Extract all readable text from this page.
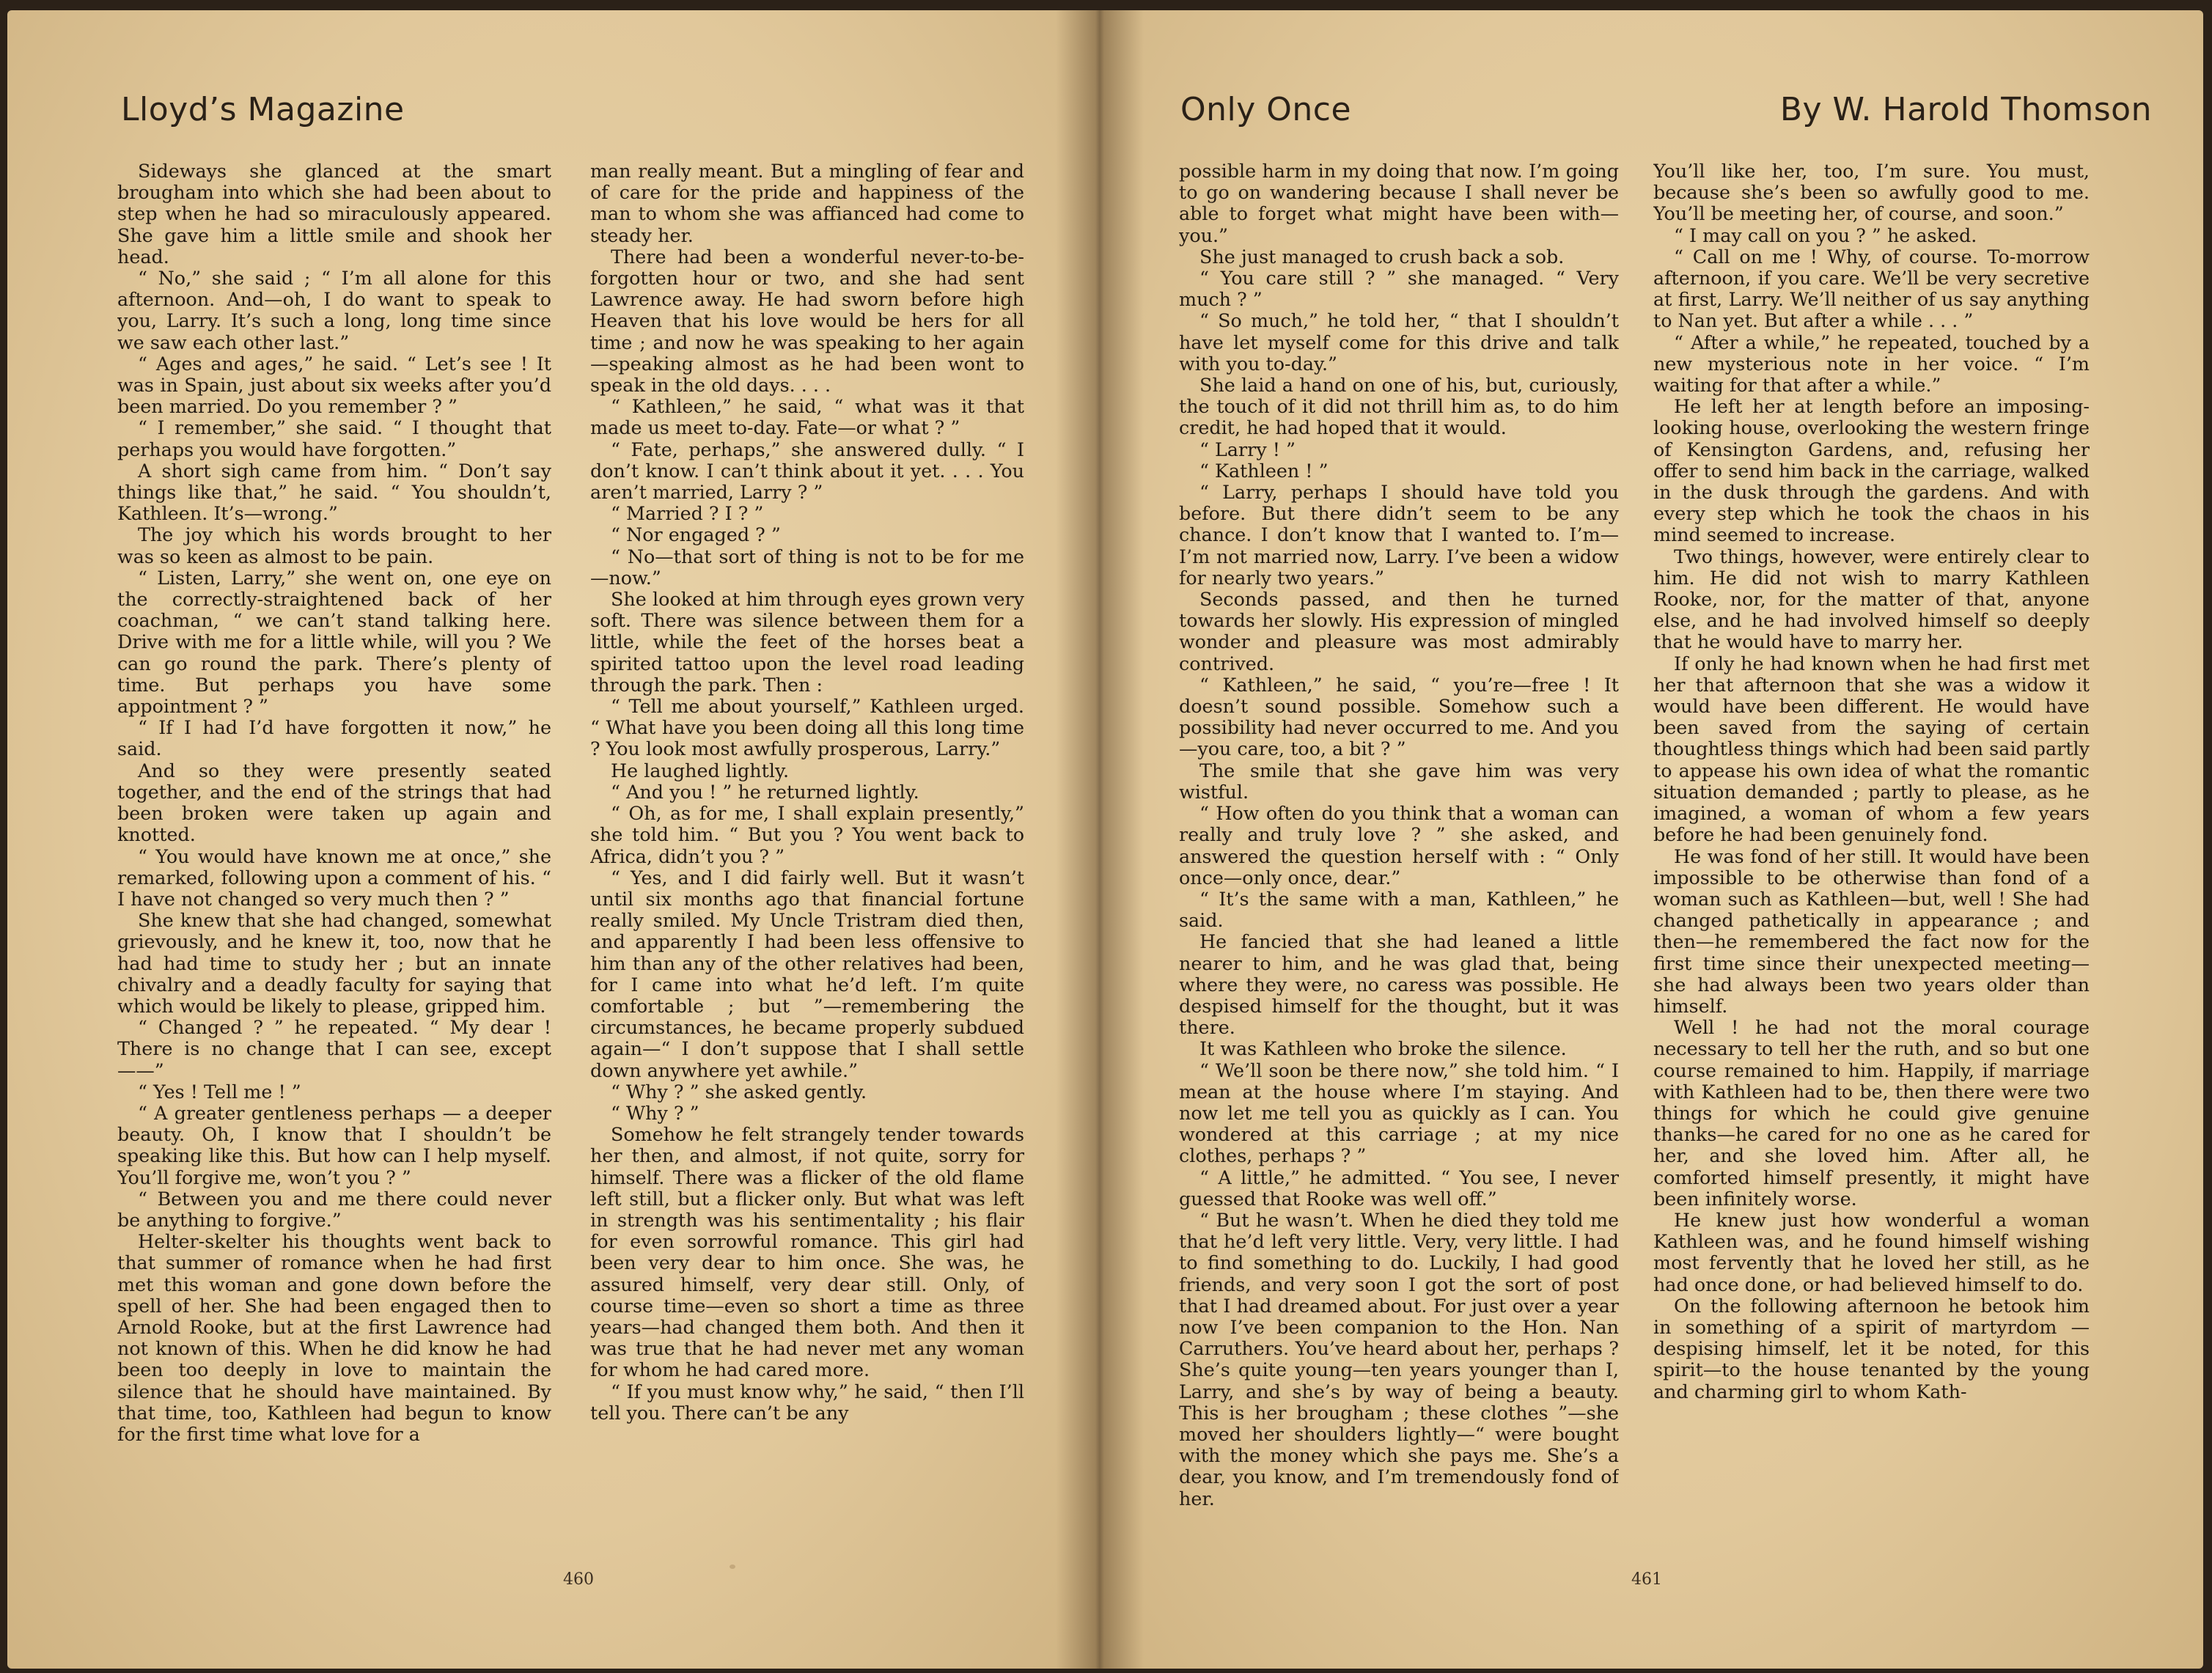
Lloyd’s Magazine

Sideways she glanced at the smart brougham into which she had been about to step when he had so miraculously appeared. She gave him a little smile and shook her head.

“ No,” she said ; “ I’m all alone for this afternoon. And—oh, I do want to speak to you, Larry. It’s such a long, long time since we saw each other last.”

“ Ages and ages,” he said. “ Let’s see ! It was in Spain, just about six weeks after you’d been married. Do you remember ? ”

“ I remember,” she said. “ I thought that perhaps you would have forgotten.”

A short sigh came from him. “ Don’t say things like that,” he said. “ You shouldn’t, Kathleen. It’s—wrong.”

The joy which his words brought to her was so keen as almost to be pain.

“ Listen, Larry,” she went on, one eye on the correctly-straightened back of her coachman, “ we can’t stand talking here. Drive with me for a little while, will you ? We can go round the park. There’s plenty of time. But perhaps you have some appointment ? ”

“ If I had I’d have forgotten it now,” he said.

And so they were presently seated together, and the end of the strings that had been broken were taken up again and knotted.

“ You would have known me at once,” she remarked, following upon a comment of his. “ I have not changed so very much then ? ”

She knew that she had changed, somewhat grievously, and he knew it, too, now that he had had time to study her ; but an innate chivalry and a deadly faculty for saying that which would be likely to please, gripped him.

“ Changed ? ” he repeated. “ My dear ! There is no change that I can see, except——”

“ Yes ! Tell me ! ”

“ A greater gentleness perhaps — a deeper beauty. Oh, I know that I shouldn’t be speaking like this. But how can I help myself. You’ll forgive me, won’t you ? ”

“ Between you and me there could never be anything to forgive.”

Helter-skelter his thoughts went back to that summer of romance when he had first met this woman and gone down before the spell of her. She had been engaged then to Arnold Rooke, but at the first Lawrence had not known of this. When he did know he had been too deeply in love to maintain the silence that he should have maintained. By that time, too, Kathleen had begun to know for the first time what love for a

man really meant. But a mingling of fear and of care for the pride and happiness of the man to whom she was affianced had come to steady her.

There had been a wonderful never-to-be-forgotten hour or two, and she had sent Lawrence away. He had sworn before high Heaven that his love would be hers for all time ; and now he was speaking to her again—speaking almost as he had been wont to speak in the old days. . . .

“ Kathleen,” he said, “ what was it that made us meet to-day. Fate—or what ? ”

“ Fate, perhaps,” she answered dully. “ I don’t know. I can’t think about it yet. . . . You aren’t married, Larry ? ”

“ Married ? I ? ”

“ Nor engaged ? ”

“ No—that sort of thing is not to be for me—now.”

She looked at him through eyes grown very soft. There was silence between them for a little, while the feet of the horses beat a spirited tattoo upon the level road leading through the park. Then :

“ Tell me about yourself,” Kathleen urged. “ What have you been doing all this long time ? You look most awfully prosperous, Larry.”

He laughed lightly.

“ And you ! ” he returned lightly.

“ Oh, as for me, I shall explain presently,” she told him. “ But you ? You went back to Africa, didn’t you ? ”

“ Yes, and I did fairly well. But it wasn’t until six months ago that financial fortune really smiled. My Uncle Tristram died then, and apparently I had been less offensive to him than any of the other relatives had been, for I came into what he’d left. I’m quite comfortable ; but ”—remembering the circumstances, he became properly subdued again—“ I don’t suppose that I shall settle down anywhere yet awhile.”

“ Why ? ” she asked gently.

“ Why ? ”

Somehow he felt strangely tender towards her then, and almost, if not quite, sorry for himself. There was a flicker of the old flame left still, but a flicker only. But what was left in strength was his sentimentality ; his flair for even sorrowful romance. This girl had been very dear to him once. She was, he assured himself, very dear still. Only, of course time—even so short a time as three years—had changed them both. And then it was true that he had never met any woman for whom he had cared more.

“ If you must know why,” he said, “ then I’ll tell you. There can’t be any

460
Only Once	By W. Harold Thomson

possible harm in my doing that now. I’m going to go on wandering because I shall never be able to forget what might have been with—you.”

She just managed to crush back a sob.

“ You care still ? ” she managed. “ Very much ? ”

“ So much,” he told her, “ that I shouldn’t have let myself come for this drive and talk with you to-day.”

She laid a hand on one of his, but, curiously, the touch of it did not thrill him as, to do him credit, he had hoped that it would.

“ Larry ! ”

“ Kathleen ! ”

“ Larry, perhaps I should have told you before. But there didn’t seem to be any chance. I don’t know that I wanted to. I’m—I’m not married now, Larry. I’ve been a widow for nearly two years.”

Seconds passed, and then he turned towards her slowly. His expression of mingled wonder and pleasure was most admirably contrived.

“ Kathleen,” he said, “ you’re—free ! It doesn’t sound possible. Somehow such a possibility had never occurred to me. And you—you care, too, a bit ? ”

The smile that she gave him was very wistful.

“ How often do you think that a woman can really and truly love ? ” she asked, and answered the question herself with : “ Only once—only once, dear.”

“ It’s the same with a man, Kathleen,” he said.

He fancied that she had leaned a little nearer to him, and he was glad that, being where they were, no caress was possible. He despised himself for the thought, but it was there.

It was Kathleen who broke the silence.

“ We’ll soon be there now,” she told him. “ I mean at the house where I’m staying. And now let me tell you as quickly as I can. You wondered at this carriage ; at my nice clothes, perhaps ? ”

“ A little,” he admitted. “ You see, I never guessed that Rooke was well off.”

“ But he wasn’t. When he died they told me that he’d left very little. Very, very little. I had to find something to do. Luckily, I had good friends, and very soon I got the sort of post that I had dreamed about. For just over a year now I’ve been companion to the Hon. Nan Carruthers. You’ve heard about her, perhaps ? She’s quite young—ten years younger than I, Larry, and she’s by way of being a beauty. This is her brougham ; these clothes ”—she moved her shoulders lightly—“ were bought with the money which she pays me. She’s a dear, you know, and I’m tremendously fond of her.

You’ll like her, too, I’m sure. You must, because she’s been so awfully good to me. You’ll be meeting her, of course, and soon.”

“ I may call on you ? ” he asked.

“ Call on me ! Why, of course. To-morrow afternoon, if you care. We’ll be very secretive at first, Larry. We’ll neither of us say anything to Nan yet. But after a while . . . ”

“ After a while,” he repeated, touched by a new mysterious note in her voice. “ I’m waiting for that after a while.”

He left her at length before an imposing-looking house, overlooking the western fringe of Kensington Gardens, and, refusing her offer to send him back in the carriage, walked in the dusk through the gardens. And with every step which he took the chaos in his mind seemed to increase.

Two things, however, were entirely clear to him. He did not wish to marry Kathleen Rooke, nor, for the matter of that, anyone else, and he had involved himself so deeply that he would have to marry her.

If only he had known when he had first met her that afternoon that she was a widow it would have been different. He would have been saved from the saying of certain thoughtless things which had been said partly to appease his own idea of what the romantic situation demanded ; partly to please, as he imagined, a woman of whom a few years before he had been genuinely fond.

He was fond of her still. It would have been impossible to be otherwise than fond of a woman such as Kathleen—but, well ! She had changed pathetically in appearance ; and then—he remembered the fact now for the first time since their unexpected meeting—she had always been two years older than himself.

Well ! he had not the moral courage necessary to tell her the ruth, and so but one course remained to him. Happily, if marriage with Kathleen had to be, then there were two things for which he could give genuine thanks—he cared for no one as he cared for her, and she loved him. After all, he comforted himself presently, it might have been infinitely worse.

He knew just how wonderful a woman Kathleen was, and he found himself wishing most fervently that he loved her still, as he had once done, or had believed himself to do.

On the following afternoon he betook him in something of a spirit of martyrdom —despising himself, let it be noted, for this spirit—to the house tenanted by the young and charming girl to whom Kath-

461
